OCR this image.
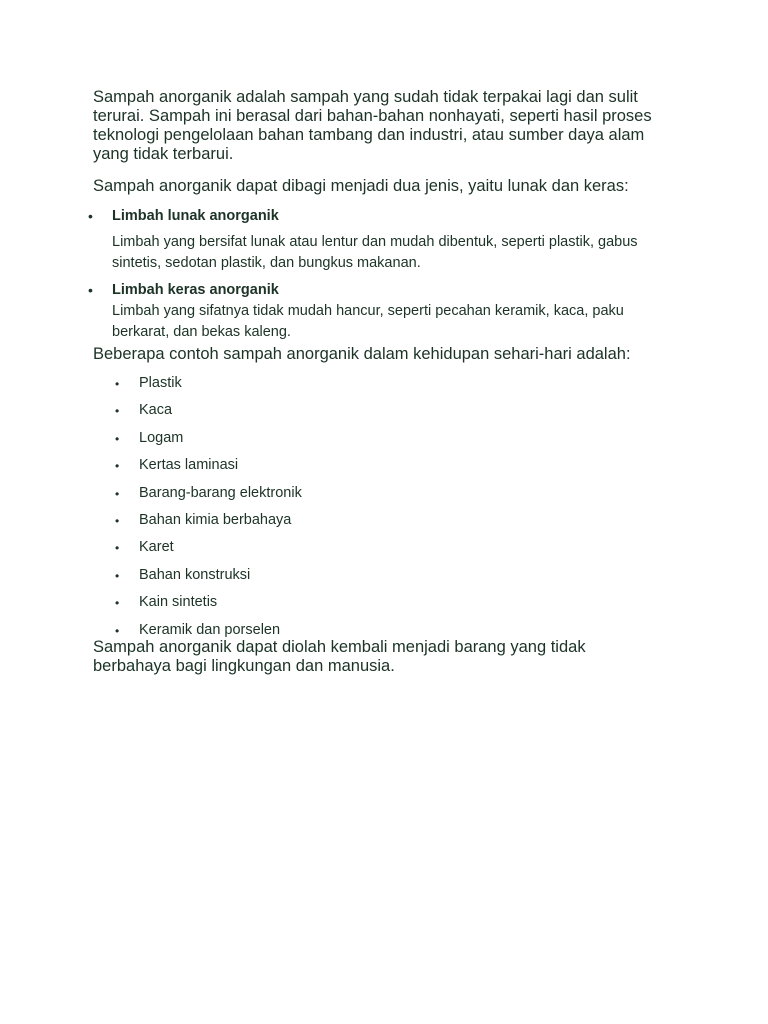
Sampah anorganik adalah sampah yang sudah tidak terpakai lagi dan sulit terurai. Sampah ini berasal dari bahan-bahan nonhayati, seperti hasil proses teknologi pengelolaan bahan tambang dan industri, atau sumber daya alam yang tidak terbarui.

Sampah anorganik dapat dibagi menjadi dua jenis, yaitu lunak dan keras:

• Limbah lunak anorganik
Limbah yang bersifat lunak atau lentur dan mudah dibentuk, seperti plastik, gabus sintetis, sedotan plastik, dan bungkus makanan.
• Limbah keras anorganik
Limbah yang sifatnya tidak mudah hancur, seperti pecahan keramik, kaca, paku berkarat, dan bekas kaleng.

Beberapa contoh sampah anorganik dalam kehidupan sehari-hari adalah:

• Plastik
• Kaca
• Logam
• Kertas laminasi
• Barang-barang elektronik
• Bahan kimia berbahaya
• Karet
• Bahan konstruksi
• Kain sintetis
• Keramik dan porselen

Sampah anorganik dapat diolah kembali menjadi barang yang tidak berbahaya bagi lingkungan dan manusia.
